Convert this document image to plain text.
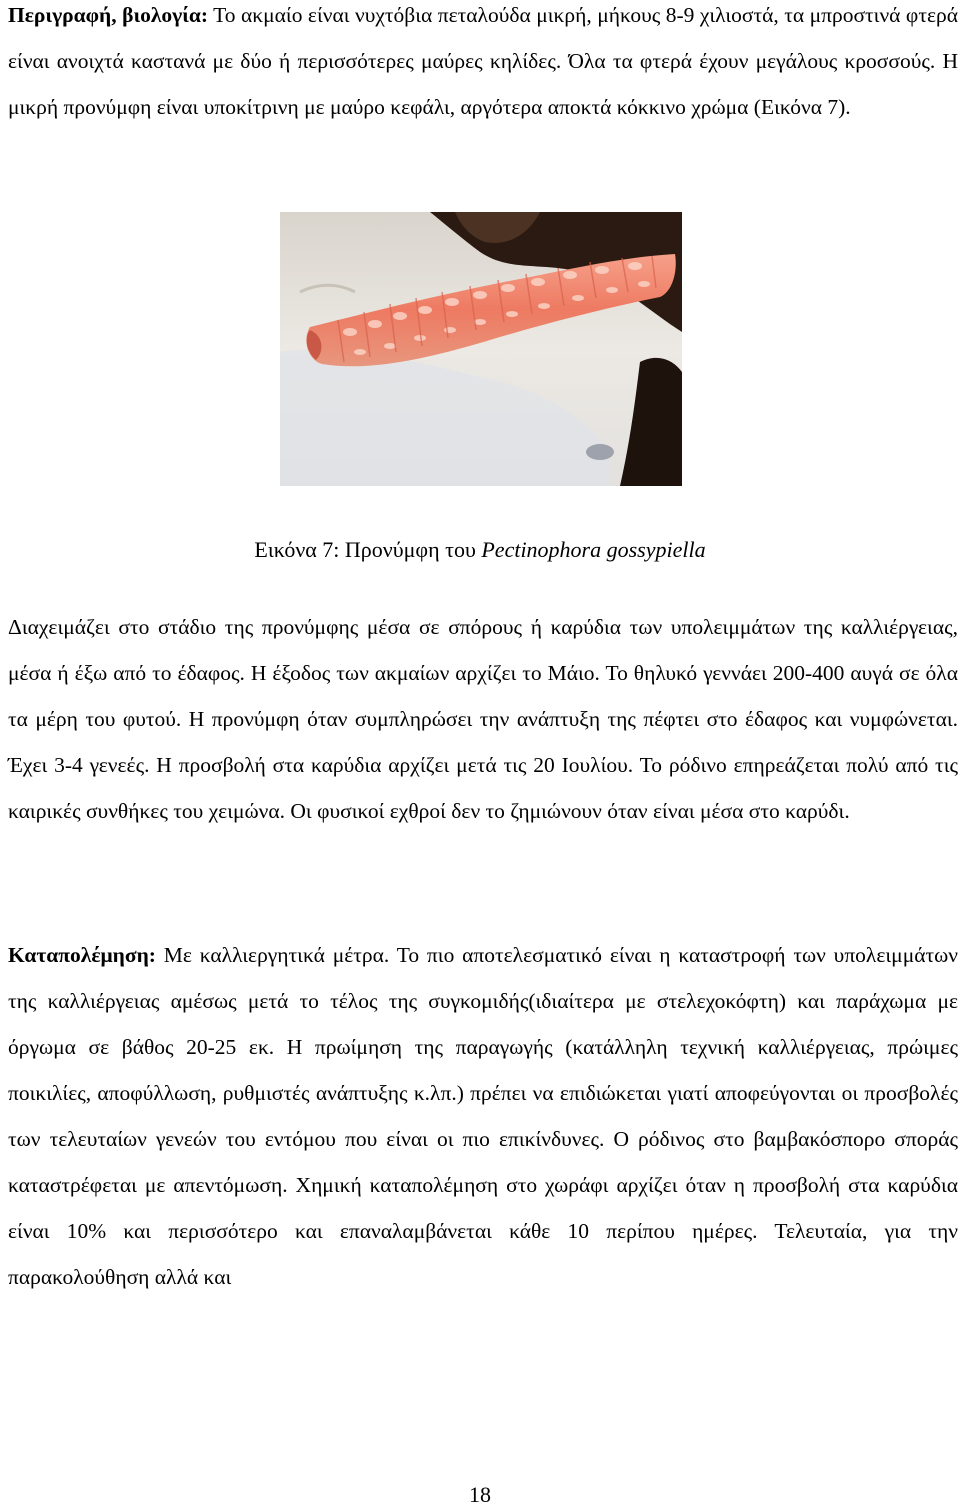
Περιγραφή, βιολογία: Το ακμαίο είναι νυχτόβια πεταλούδα μικρή, μήκους 8-9 χιλιοστά, τα μπροστινά φτερά είναι ανοιχτά καστανά με δύο ή περισσότερες μαύρες κηλίδες. Όλα τα φτερά έχουν μεγάλους κροσσούς. Η μικρή προνύμφη είναι υποκίτρινη με μαύρο κεφάλι, αργότερα αποκτά κόκκινο χρώμα (Εικόνα 7).

Εικόνα 7: Προνύμφη του Pectinophora gossypiella

Διαχειμάζει στο στάδιο της προνύμφης μέσα σε σπόρους ή καρύδια των υπολειμμάτων της καλλιέργειας, μέσα ή έξω από το έδαφος. Η έξοδος των ακμαίων αρχίζει το Μάιο. Το θηλυκό γεννάει 200-400 αυγά σε όλα τα μέρη του φυτού. Η προνύμφη όταν συμπληρώσει την ανάπτυξη της πέφτει στο έδαφος και νυμφώνεται. Έχει 3-4 γενεές. Η προσβολή στα καρύδια αρχίζει μετά τις 20 Ιουλίου. Το ρόδινο επηρεάζεται πολύ από τις καιρικές συνθήκες του χειμώνα. Οι φυσικοί εχθροί δεν το ζημιώνουν όταν είναι μέσα στο καρύδι.

Καταπολέμηση: Με καλλιεργητικά μέτρα. Το πιο αποτελεσματικό είναι η καταστροφή των υπολειμμάτων της καλλιέργειας αμέσως μετά το τέλος της συγκομιδής(ιδιαίτερα με στελεχοκόφτη) και παράχωμα με όργωμα σε βάθος 20-25 εκ. Η πρωίμηση της παραγωγής (κατάλληλη τεχνική καλλιέργειας, πρώιμες ποικιλίες, αποφύλλωση, ρυθμιστές ανάπτυξης κ.λπ.) πρέπει να επιδιώκεται γιατί αποφεύγονται οι προσβολές των τελευταίων γενεών του εντόμου που είναι οι πιο επικίνδυνες. Ο ρόδινος στο βαμβακόσπορο σποράς καταστρέφεται με απεντόμωση. Χημική καταπολέμηση στο χωράφι αρχίζει όταν η προσβολή στα καρύδια είναι 10% και περισσότερο και επαναλαμβάνεται κάθε 10 περίπου ημέρες. Τελευταία, για την παρακολούθηση αλλά και

18
